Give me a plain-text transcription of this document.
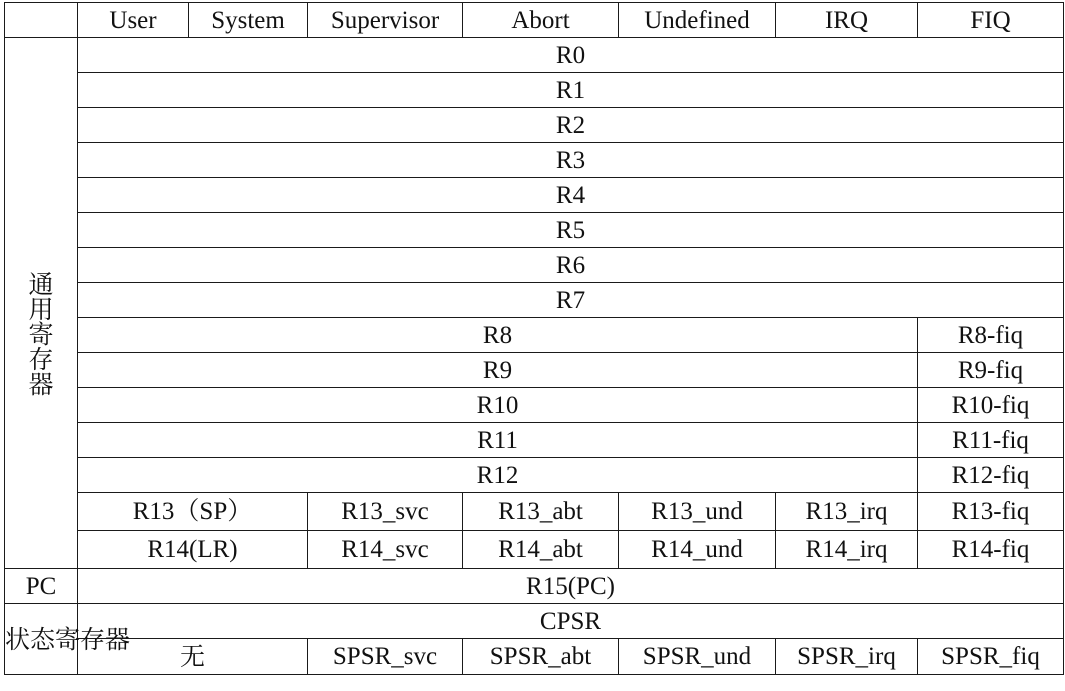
	User	System	Supervisor	Abort	Undefined	IRQ	FIQ

通
用
寄
存
器	R0						
	R1						
	R2						
	R3						
	R4						
	R5						
	R6						
	R7						
	R8						R8-fiq
	R9						R9-fiq
	R10						R10-fiq
	R11						R11-fiq
	R12						R12-fiq
	R13（SP）		R13_svc	R13_abt	R13_und	R13_irq	R13-fiq
	R14(LR)		R14_svc	R14_abt	R14_und	R14_irq	R14-fiq
PC	R15(PC)						
状态寄存器	CPSR						
	无		SPSR_svc	SPSR_abt	SPSR_und	SPSR_irq	SPSR_fiq
